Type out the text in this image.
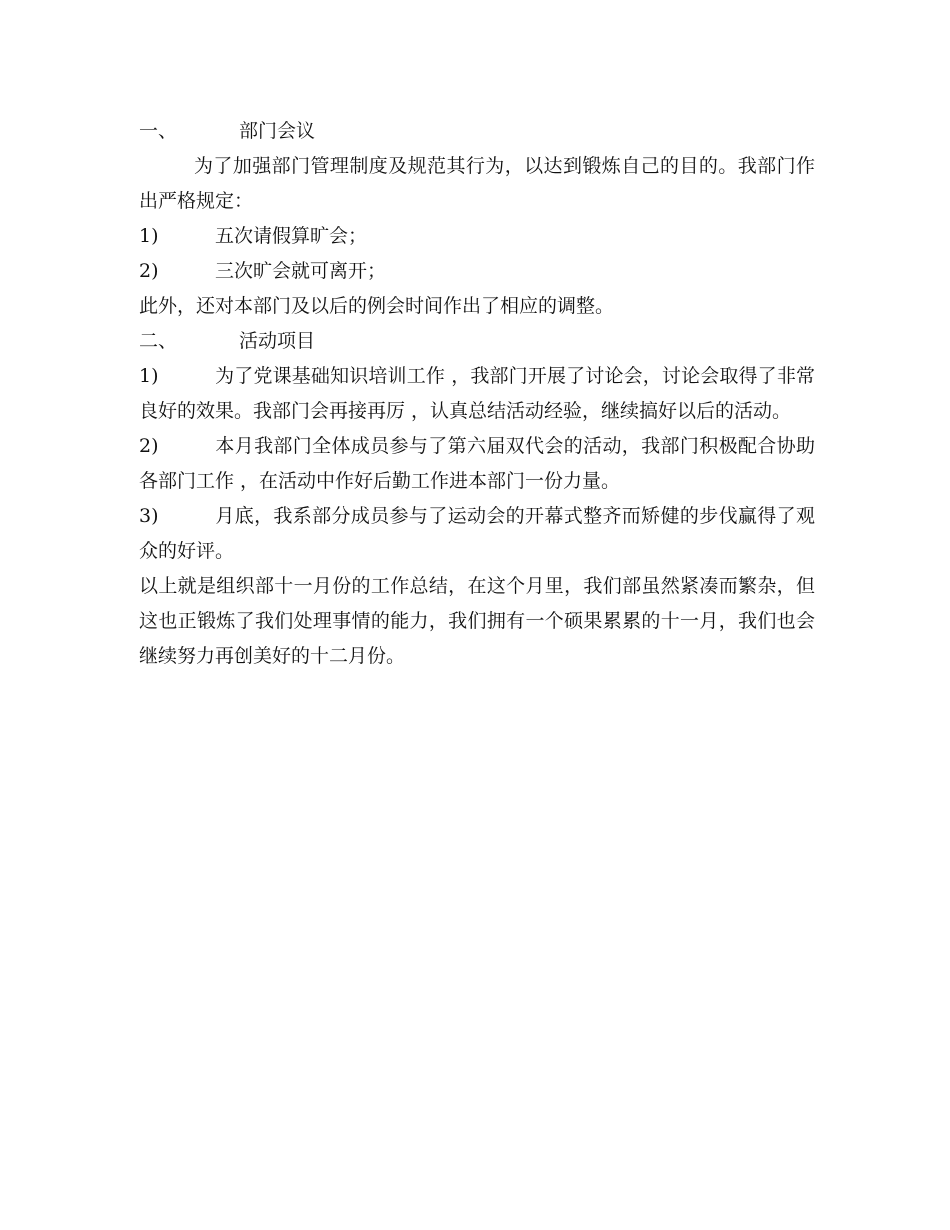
一、	部门会议

为了加强部门管理制度及规范其行为，以达到锻炼自己的目的。我部门作出严格规定：

1)	五次请假算旷会；

2)	三次旷会就可离开；

此外，还对本部门及以后的例会时间作出了相应的调整。

二、	活动项目

1)	为了党课基础知识培训工作 ，我部门开展了讨论会，讨论会取得了非常良好的效果。我部门会再接再厉 ，认真总结活动经验，继续搞好以后的活动。

2)	本月我部门全体成员参与了第六届双代会的活动，我部门积极配合协助各部门工作 ，在活动中作好后勤工作进本部门一份力量。

3)	月底，我系部分成员参与了运动会的开幕式整齐而矫健的步伐赢得了观众的好评。

以上就是组织部十一月份的工作总结，在这个月里，我们部虽然紧凑而繁杂，但这也正锻炼了我们处理事情的能力，我们拥有一个硕果累累的十一月，我们也会继续努力再创美好的十二月份。
